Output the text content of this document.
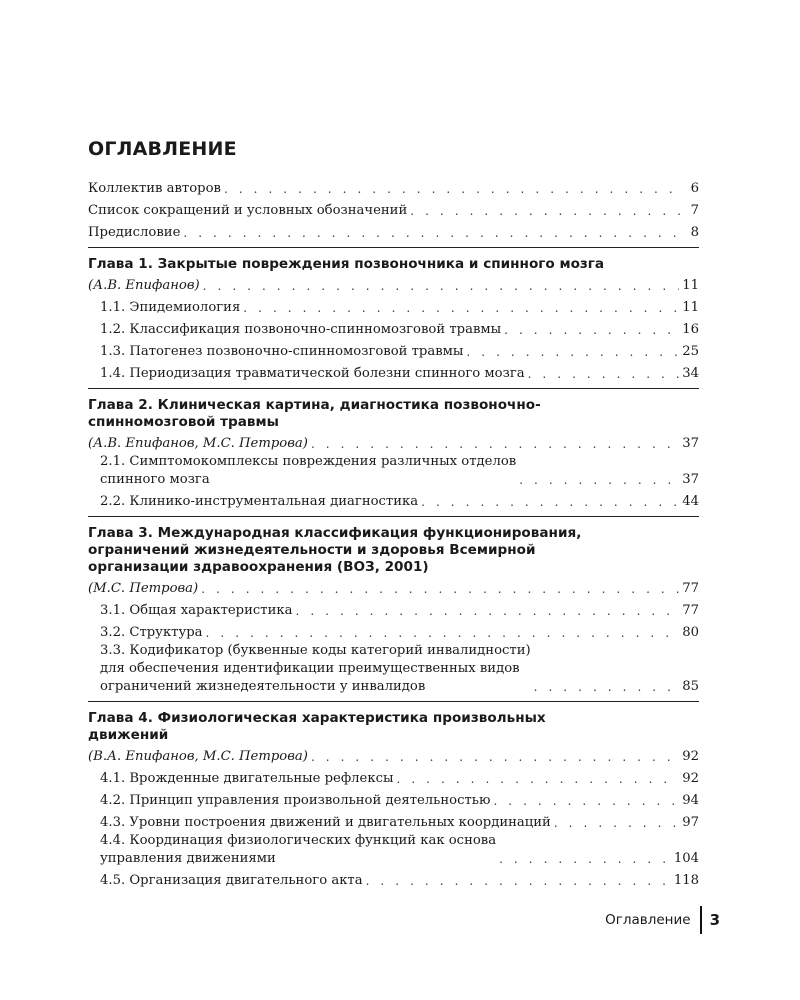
ОГЛАВЛЕНИЕ
Коллектив авторов . . .	6
Список сокращений и условных обозначений . . .	7
Предисловие . . .	8
Глава 1. Закрытые повреждения позвоночника и спинного мозга
(А.В. Епифанов) . . .	11
1.1. Эпидемиология . . .	11
1.2. Классификация позвоночно-спинномозговой травмы . . .	16
1.3. Патогенез позвоночно-спинномозговой травмы . . .	25
1.4. Периодизация травматической болезни спинного мозга . . .	34
Глава 2. Клиническая картина, диагностика позвоночно-
спинномозговой травмы
(А.В. Епифанов, М.С. Петрова) . . .	37
2.1. Симптомокомплексы повреждения различных отделов
спинного мозга . . .	37
2.2. Клинико-инструментальная диагностика . . .	44
Глава 3. Международная классификация функционирования,
ограничений жизнедеятельности и здоровья Всемирной
организации здравоохранения (ВОЗ, 2001)
(М.С. Петрова) . . .	77
3.1. Общая характеристика . . .	77
3.2. Структура . . .	80
3.3. Кодификатор (буквенные коды категорий инвалидности)
для обеспечения идентификации преимущественных видов
ограничений жизнедеятельности у инвалидов . . .	85
Глава 4. Физиологическая характеристика произвольных
движений
(В.А. Епифанов, М.С. Петрова) . . .	92
4.1. Врожденные двигательные рефлексы . . .	92
4.2. Принцип управления произвольной деятельностью . . .	94
4.3. Уровни построения движений и двигательных координаций . . .	97
4.4. Координация физиологических функций как основа
управления движениями . . .	104
4.5. Организация двигательного акта . . .	118
Оглавление 3
